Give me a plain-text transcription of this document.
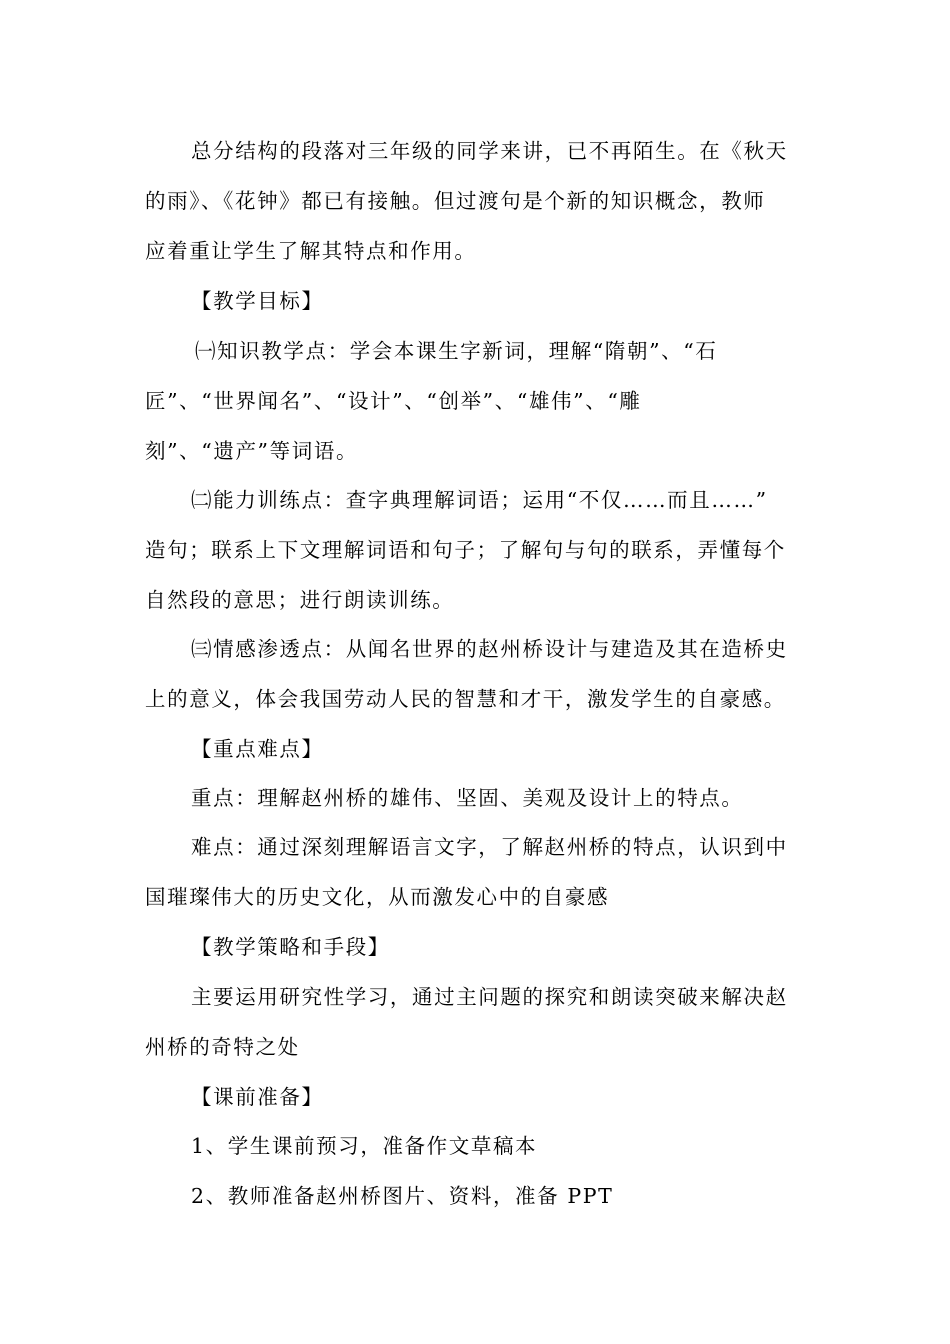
总分结构的段落对三年级的同学来讲，已不再陌生。在《秋天
的雨》、《花钟》都已有接触。但过渡句是个新的知识概念，教师
应着重让学生了解其特点和作用。
【教学目标】
㈠知识教学点：学会本课生字新词，理解“隋朝”、“石
匠”、“世界闻名”、“设计”、“创举”、“雄伟”、“雕
刻”、“遗产”等词语。
㈡能力训练点：查字典理解词语；运用“不仅……而且……”
造句；联系上下文理解词语和句子；了解句与句的联系，弄懂每个
自然段的意思；进行朗读训练。
㈢情感渗透点：从闻名世界的赵州桥设计与建造及其在造桥史
上的意义，体会我国劳动人民的智慧和才干，激发学生的自豪感。
【重点难点】
重点：理解赵州桥的雄伟、坚固、美观及设计上的特点。
难点：通过深刻理解语言文字，了解赵州桥的特点，认识到中
国璀璨伟大的历史文化，从而激发心中的自豪感
【教学策略和手段】
主要运用研究性学习，通过主问题的探究和朗读突破来解决赵
州桥的奇特之处
【课前准备】
1、学生课前预习，准备作文草稿本
2、教师准备赵州桥图片、资料，准备 PPT
